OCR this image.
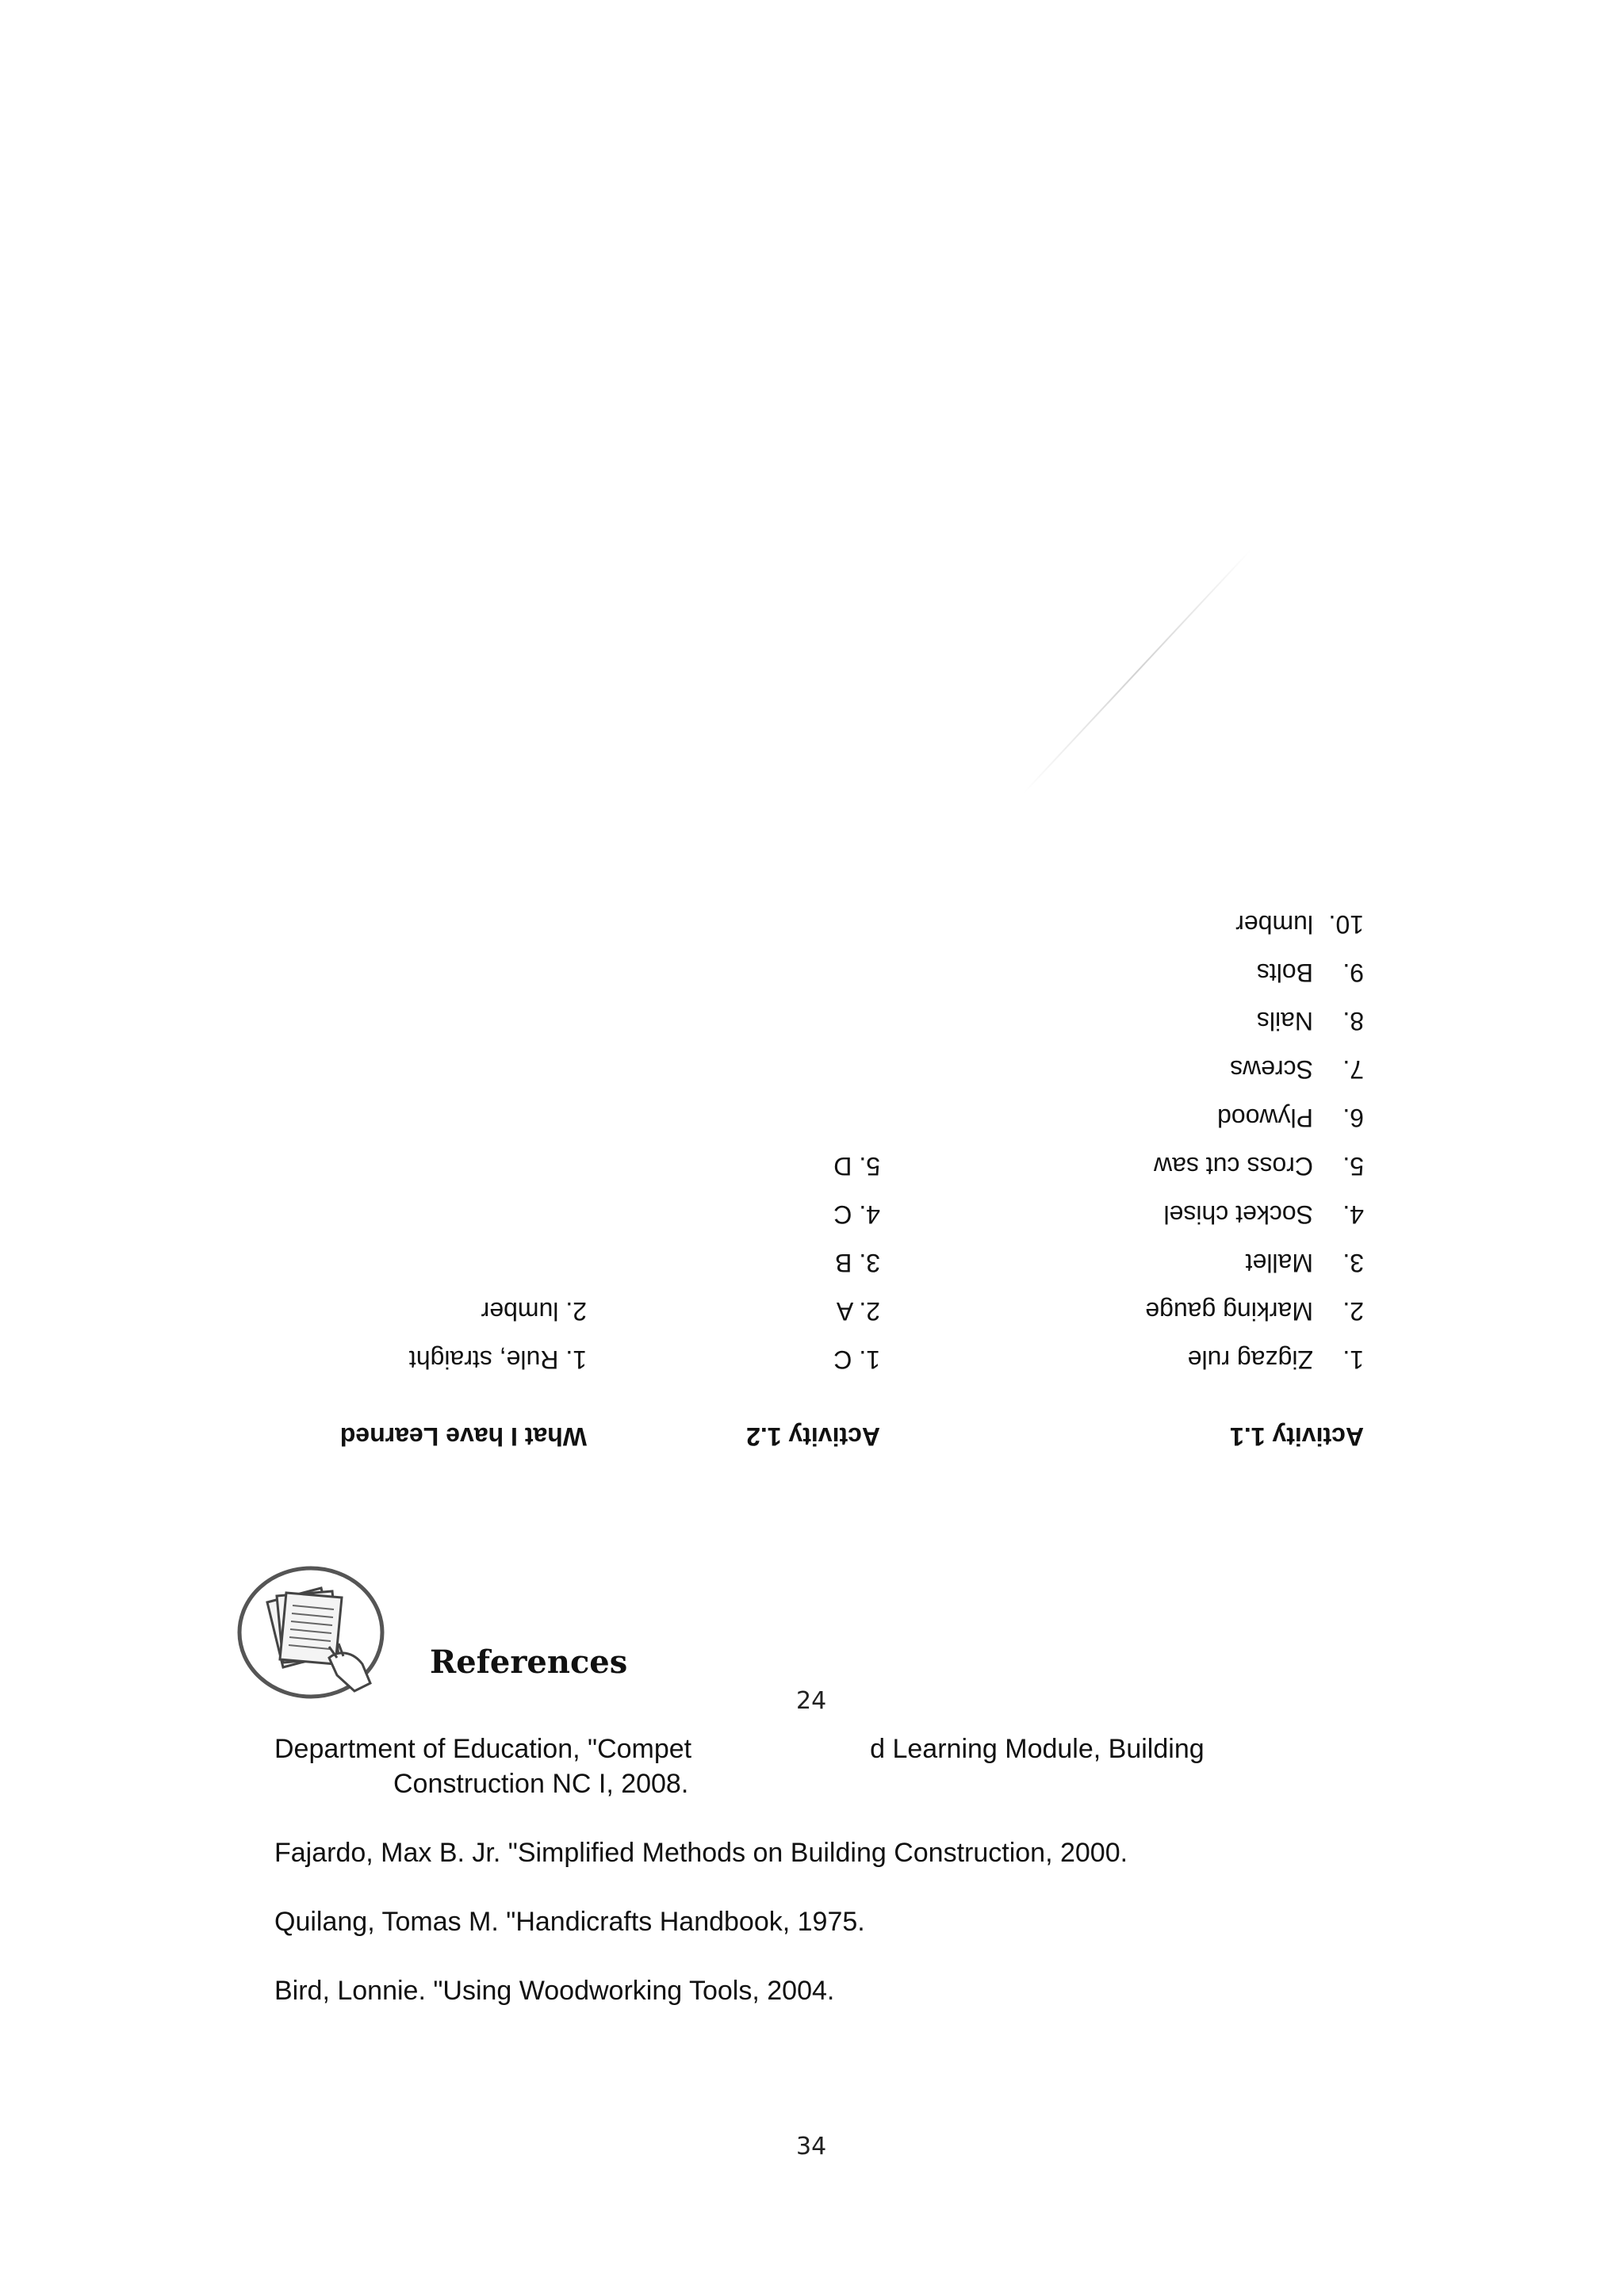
Activity 1.1
1.Zigzag rule
2.Marking gauge
3.Mallet
4.Socket chisel
5.Cross cut saw
6.Plywood
7.Screws
8.Nails
9.Bolts
10.lumber
Activity 1.2
1. C
2. A
3. B
4. C
5. D
What I have Learned
1. Rule, straight
2. lumber
References
24
Department of Education, "Compet	d Learning Module, Building
Construction NC I, 2008.
Fajardo, Max B. Jr. "Simplified Methods on Building Construction, 2000.
Quilang, Tomas M. "Handicrafts Handbook, 1975.
Bird, Lonnie. "Using Woodworking Tools, 2004.
34
